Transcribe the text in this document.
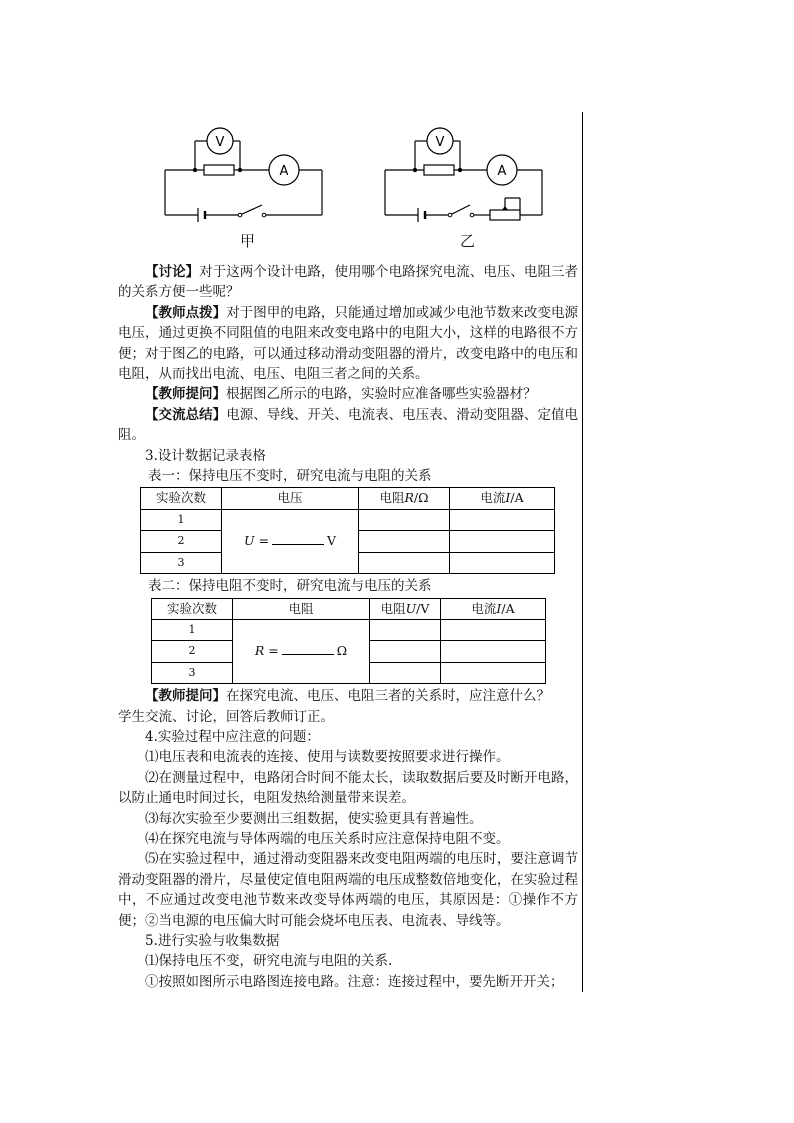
V
A
甲
V
A
乙

【讨论】对于这两个设计电路，使用哪个电路探究电流、电压、电阻三者的关系方便一些呢？

【教师点拨】对于图甲的电路，只能通过增加或减少电池节数来改变电源电压，通过更换不同阻值的电阻来改变电路中的电阻大小，这样的电路很不方便；对于图乙的电路，可以通过移动滑动变阻器的滑片，改变电路中的电压和电阻，从而找出电流、电压、电阻三者之间的关系。

【教师提问】根据图乙所示的电路，实验时应准备哪些实验器材？

【交流总结】电源、导线、开关、电流表、电压表、滑动变阻器、定值电阻。

3.设计数据记录表格

表一：保持电压不变时，研究电流与电阻的关系

实验次数	电压	电阻R/Ω	电流I/A
1	U = V		
2			
3			

表二：保持电阻不变时，研究电流与电压的关系

实验次数	电阻	电阻U/V	电流I/A
1	R = Ω		
2			
3			

【教师提问】在探究电流、电压、电阻三者的关系时，应注意什么？

学生交流、讨论，回答后教师订正。

4.实验过程中应注意的问题：

⑴电压表和电流表的连接、使用与读数要按照要求进行操作。

⑵在测量过程中，电路闭合时间不能太长，读取数据后要及时断开电路，以防止通电时间过长，电阻发热给测量带来误差。

⑶每次实验至少要测出三组数据，使实验更具有普遍性。

⑷在探究电流与导体两端的电压关系时应注意保持电阻不变。

⑸在实验过程中，通过滑动变阻器来改变电阻两端的电压时，要注意调节滑动变阻器的滑片，尽量使定值电阻两端的电压成整数倍地变化，在实验过程中，不应通过改变电池节数来改变导体两端的电压，其原因是：①操作不方便；②当电源的电压偏大时可能会烧坏电压表、电流表、导线等。

5.进行实验与收集数据

⑴保持电压不变，研究电流与电阻的关系.

①按照如图所示电路图连接电路。注意：连接过程中，要先断开开关；
